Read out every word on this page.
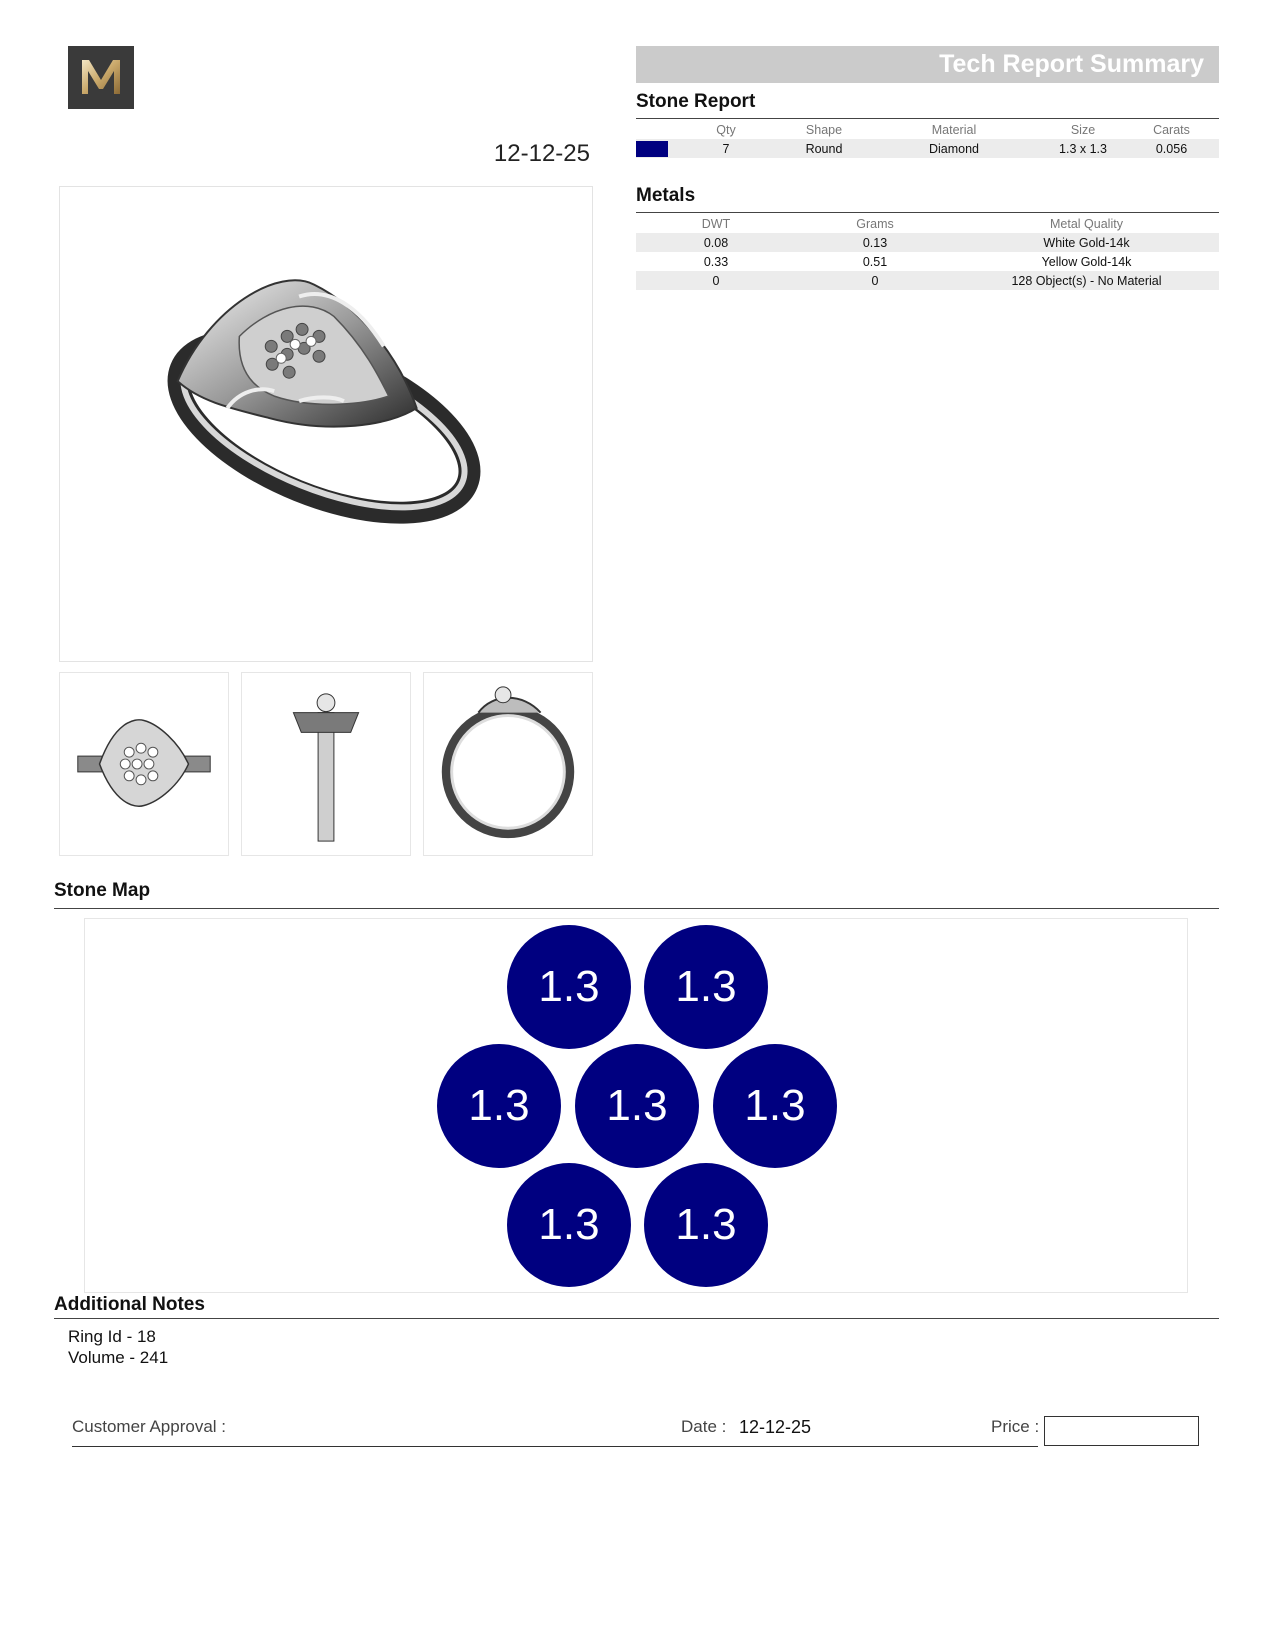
12-12-25
Tech Report Summary
Stone Report
	Qty	Shape	Material	Size	Carats
	7	Round	Diamond	1.3 x 1.3	0.056
Metals
DWT	Grams	Metal Quality
0.08	0.13	White Gold-14k
0.33	0.51	Yellow Gold-14k
0	0	128 Object(s) - No Material
Stone Map
1.3	1.3
1.3	1.3	1.3
1.3	1.3
Additional Notes
Ring Id - 18
Volume - 241
Customer Approval :	Date : 12-12-25	Price :
